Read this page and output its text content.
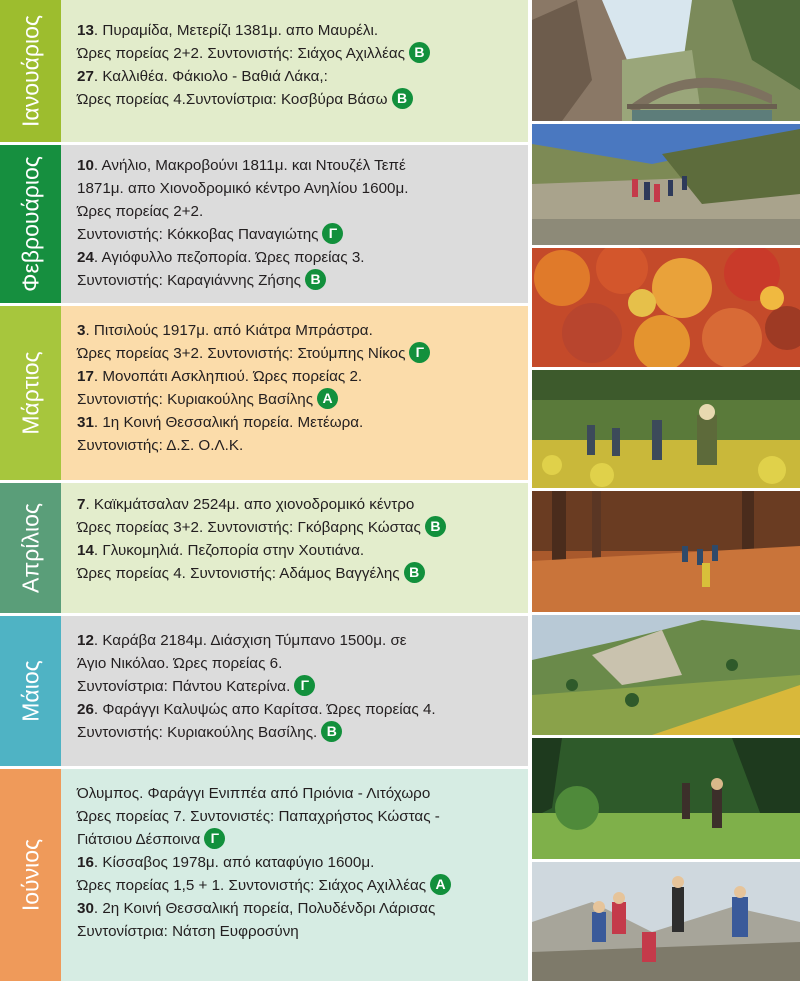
Ιανουάριος 13. Πυραμίδα, Μετερίζι 1381μ. απο Μαυρέλι.
Ώρες πορείας 2+2. Συντονιστής: Σιάχος Αχιλλέας Β
27. Καλλιθέα. Φάκιολο - Βαθιά Λάκα,:
Ώρες πορείας 4.Συντονίστρια: Κοσβύρα Βάσω Β
Φεβρουάριος 10. Ανήλιο, Μακροβούνι 1811μ. και Ντουζέλ Τεπέ
1871μ. απο Χιονοδρομικό κέντρο Ανηλίου 1600μ.
Ώρες πορείας 2+2.
Συντονιστής: Κόκκοβας Παναγιώτης Γ
24. Αγιόφυλλο πεζοπορία. Ώρες πορείας 3.
Συντονιστής: Καραγιάννης Ζήσης Β
Μάρτιος
3. Πιτσιλούς 1917μ. από Κιάτρα Μπράστρα.
Ώρες πορείας 3+2. Συντονιστής: Στούμπης Νίκος Γ
17. Μονοπάτι Ασκληπιού. Ώρες πορείας 2.
Συντονιστής: Κυριακούλης Βασίλης Α
31. 1η Κοινή Θεσσαλική πορεία. Μετέωρα.
Συντονιστής: Δ.Σ. Ο.Λ.Κ.
Απρίλιος 7. Καϊκμάτσαλαν 2524μ. απο χιονοδρομικό κέντρο
Ώρες πορείας 3+2. Συντονιστής: Γκόβαρης Κώστας Β
14. Γλυκομηλιά. Πεζοπορία στην Χουτιάνα.
Ώρες πορείας 4. Συντονιστής: Αδάμος Βαγγέλης Β
Μάιος
12. Καράβα 2184μ. Διάσχιση Τύμπανο 1500μ. σε
Άγιο Νικόλαο. Ώρες πορείας 6.
Συντονίστρια: Πάντου Κατερίνα. Γ
26. Φαράγγι Καλυψώς απο Καρίτσα. Ώρες πορείας 4.
Συντονιστής: Κυριακούλης Βασίλης. Β
Ιούνιος
Όλυμπος. Φαράγγι Ενιππέα από Πριόνια - Λιτόχωρο
Ώρες πορείας 7. Συντονιστές: Παπαχρήστος Κώστας -
Γιάτσιου Δέσποινα Γ
16. Κίσσαβος 1978μ. από καταφύγιο 1600μ.
Ώρες πορείας 1,5 + 1. Συντονιστής: Σιάχος Αχιλλέας Α
30. 2η Κοινή Θεσσαλική πορεία, Πολυδένδρι Λάρισας
Συντονίστρια: Νάτση Ευφροσύνη
